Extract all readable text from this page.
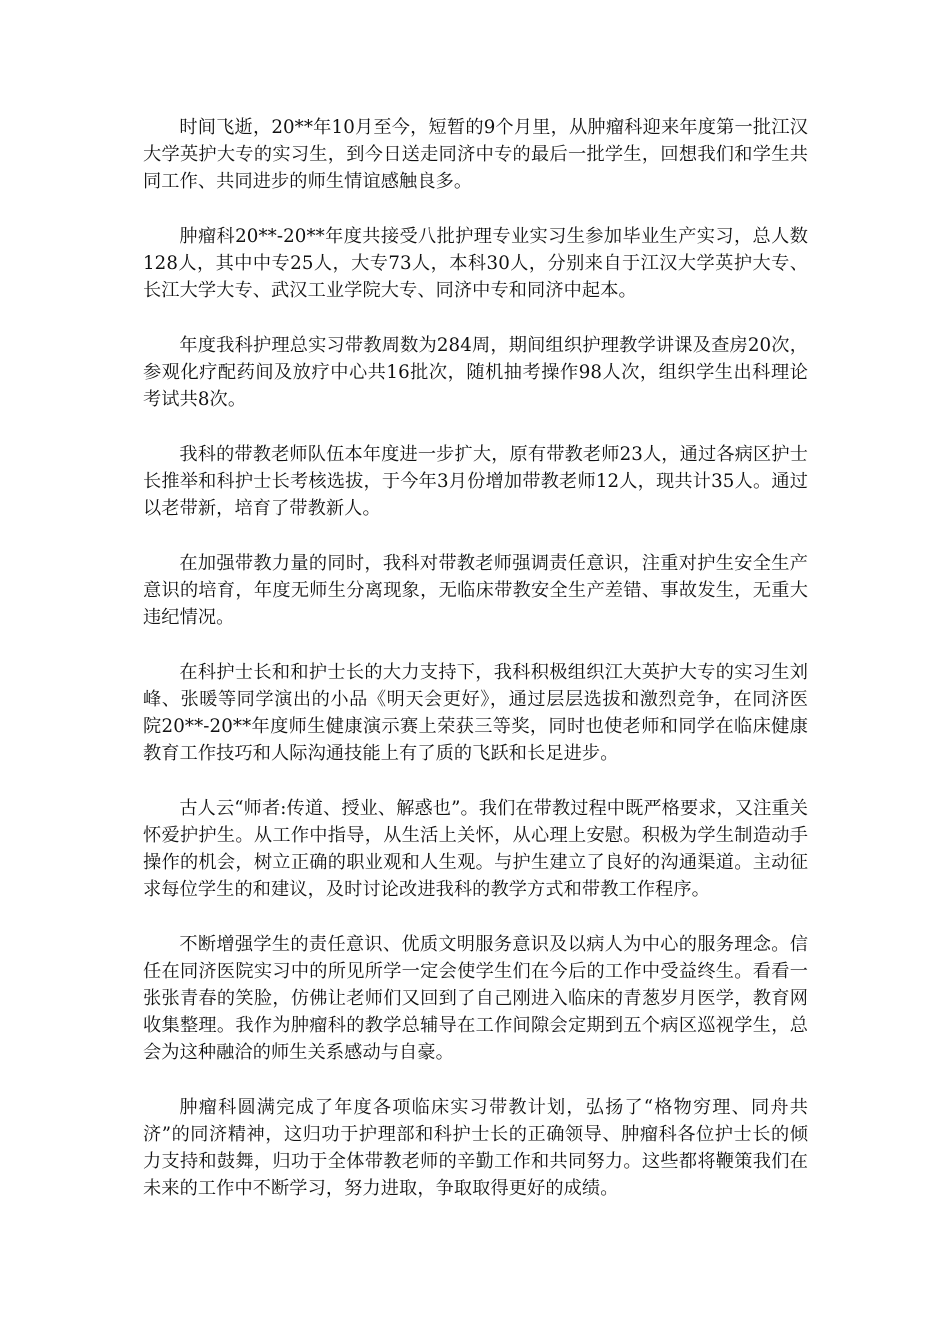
时间飞逝，20**年10月至今，短暂的9个月里，从肿瘤科迎来年度第一批江汉大学英护大专的实习生，到今日送走同济中专的最后一批学生，回想我们和学生共同工作、共同进步的师生情谊感触良多。

肿瘤科20**-20**年度共接受八批护理专业实习生参加毕业生产实习，总人数128人，其中中专25人，大专73人，本科30人，分别来自于江汉大学英护大专、长江大学大专、武汉工业学院大专、同济中专和同济中起本。

年度我科护理总实习带教周数为284周，期间组织护理教学讲课及查房20次，参观化疗配药间及放疗中心共16批次，随机抽考操作98人次，组织学生出科理论考试共8次。

我科的带教老师队伍本年度进一步扩大，原有带教老师23人，通过各病区护士长推举和科护士长考核选拔，于今年3月份增加带教老师12人，现共计35人。通过以老带新，培育了带教新人。

在加强带教力量的同时，我科对带教老师强调责任意识，注重对护生安全生产意识的培育，年度无师生分离现象，无临床带教安全生产差错、事故发生，无重大违纪情况。

在科护士长和和护士长的大力支持下，我科积极组织江大英护大专的实习生刘峰、张暖等同学演出的小品《明天会更好》，通过层层选拔和激烈竞争，在同济医院20**-20**年度师生健康演示赛上荣获三等奖，同时也使老师和同学在临床健康教育工作技巧和人际沟通技能上有了质的飞跃和长足进步。

古人云“师者:传道、授业、解惑也”。我们在带教过程中既严格要求，又注重关怀爱护护生。从工作中指导，从生活上关怀，从心理上安慰。积极为学生制造动手操作的机会，树立正确的职业观和人生观。与护生建立了良好的沟通渠道。主动征求每位学生的和建议，及时讨论改进我科的教学方式和带教工作程序。

不断增强学生的责任意识、优质文明服务意识及以病人为中心的服务理念。信任在同济医院实习中的所见所学一定会使学生们在今后的工作中受益终生。看看一张张青春的笑脸，仿佛让老师们又回到了自己刚进入临床的青葱岁月医学，教育网收集整理。我作为肿瘤科的教学总辅导在工作间隙会定期到五个病区巡视学生，总会为这种融洽的师生关系感动与自豪。

肿瘤科圆满完成了年度各项临床实习带教计划，弘扬了“格物穷理、同舟共济”的同济精神，这归功于护理部和科护士长的正确领导、肿瘤科各位护士长的倾力支持和鼓舞，归功于全体带教老师的辛勤工作和共同努力。这些都将鞭策我们在未来的工作中不断学习，努力进取，争取取得更好的成绩。
